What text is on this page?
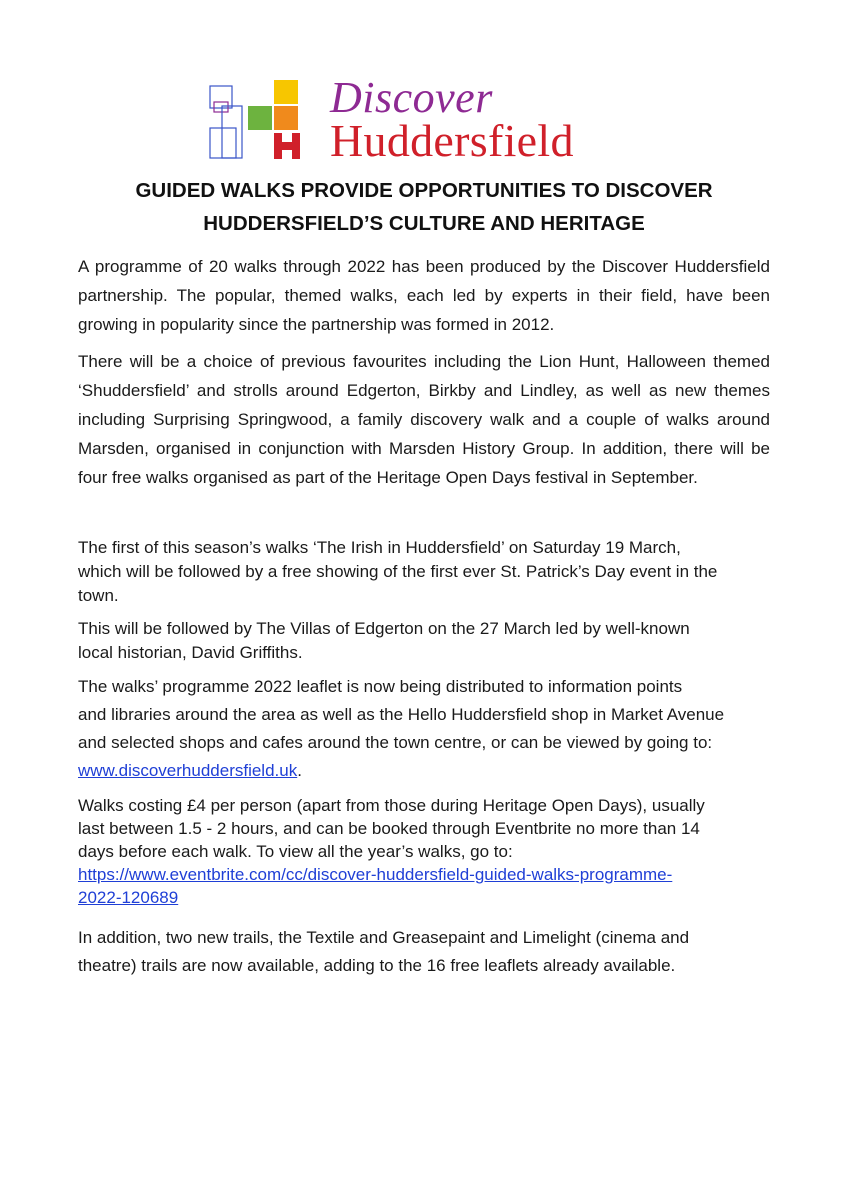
Discover
Huddersfield
GUIDED WALKS PROVIDE OPPORTUNITIES TO DISCOVER
HUDDERSFIELD’S CULTURE AND HERITAGE

A programme of 20 walks through 2022 has been produced by the Discover Huddersfield partnership. The popular, themed walks, each led by experts in their field, have been growing in popularity since the partnership was formed in 2012.

There will be a choice of previous favourites including the Lion Hunt, Halloween themed ‘Shuddersfield’ and strolls around Edgerton, Birkby and Lindley, as well as new themes including Surprising Springwood, a family discovery walk and a couple of walks around Marsden, organised in conjunction with Marsden History Group. In addition, there will be four free walks organised as part of the Heritage Open Days festival in September.

The first of this season’s walks ‘The Irish in Huddersfield’ on Saturday 19 March,
which will be followed by a free showing of the first ever St. Patrick’s Day event in the
town.
This will be followed by The Villas of Edgerton on the 27 March led by well-known
local historian, David Griffiths.
The walks’ programme 2022 leaflet is now being distributed to information points
and libraries around the area as well as the Hello Huddersfield shop in Market Avenue
and selected shops and cafes around the town centre, or can be viewed by going to:
www.discoverhuddersfield.uk.
Walks costing £4 per person (apart from those during Heritage Open Days), usually
last between 1.5 - 2 hours, and can be booked through Eventbrite no more than 14
days before each walk. To view all the year’s walks, go to:
https://www.eventbrite.com/cc/discover-huddersfield-guided-walks-programme-
2022-120689
In addition, two new trails, the Textile and Greasepaint and Limelight (cinema and
theatre) trails are now available, adding to the 16 free leaflets already available.
